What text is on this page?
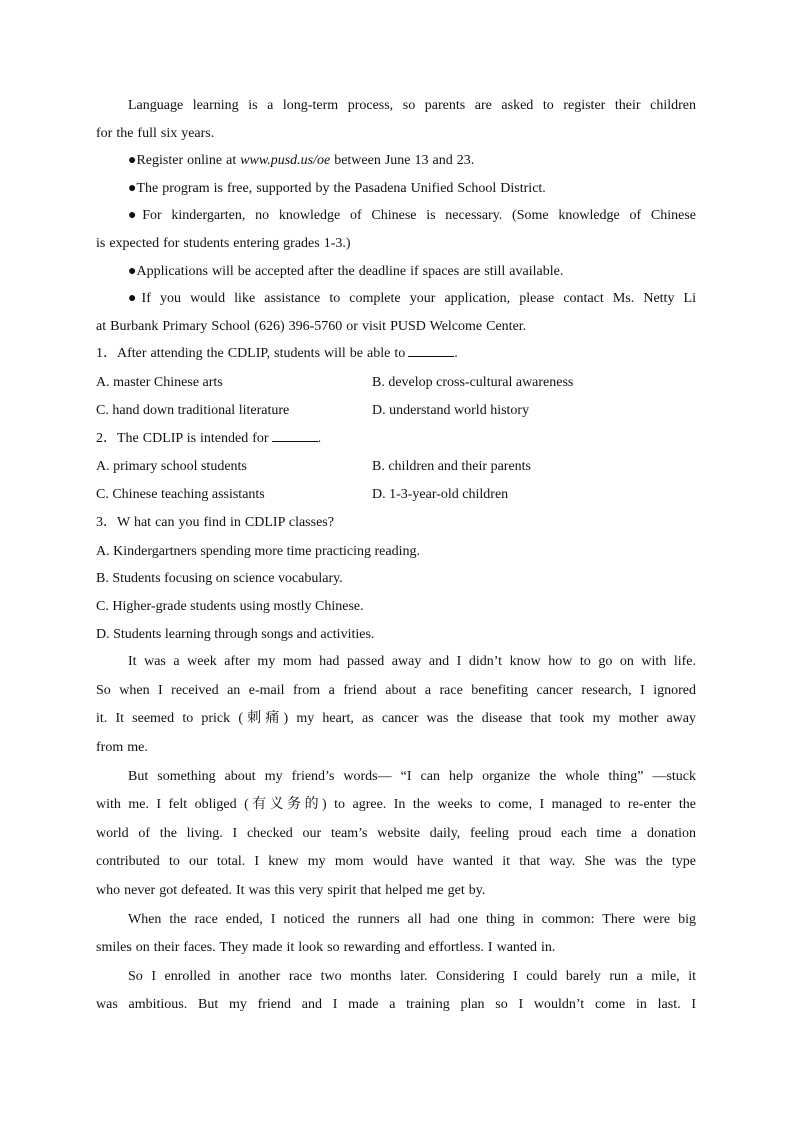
Language learning is a long-term process, so parents are asked to register their children
for the full six years.
●Register online at www.pusd.us/oe between June 13 and 23.
●The program is free, supported by the Pasadena Unified School District.
●For kindergarten, no knowledge of Chinese is necessary. (Some knowledge of Chinese
is expected for students entering grades 1-3.)
●Applications will be accepted after the deadline if spaces are still available.
●If you would like assistance to complete your application, please contact Ms. Netty Li
at Burbank Primary School (626) 396-5760 or visit PUSD Welcome Center.
1．After attending the CDLIP, students will be able to	.
A. master Chinese arts	B. develop cross-cultural awareness
C. hand down traditional literature	D. understand world history
2．The CDLIP is intended for	.
A. primary school students	B. children and their parents
C. Chinese teaching assistants	D. 1-3-year-old children
3．W hat can you find in CDLIP classes?
A. Kindergartners spending more time practicing reading.
B. Students focusing on science vocabulary.
C. Higher-grade students using mostly Chinese.
D. Students learning through songs and activities.
It was a week after my mom had passed away and I didn’t know how to go on with life.
So when I received an e-mail from a friend about a race benefiting cancer research, I ignored
it. It seemed to prick (刺痛) my heart, as cancer was the disease that took my mother away
from me.
But something about my friend’s words— “I can help organize the whole thing” —stuck
with me. I felt obliged (有义务的) to agree. In the weeks to come, I managed to re-enter the
world of the living. I checked our team’s website daily, feeling proud each time a donation
contributed to our total. I knew my mom would have wanted it that way. She was the type
who never got defeated. It was this very spirit that helped me get by.
When the race ended, I noticed the runners all had one thing in common: There were big
smiles on their faces. They made it look so rewarding and effortless. I wanted in.
So I enrolled in another race two months later. Considering I could barely run a mile, it
was ambitious. But my friend and I made a training plan so I wouldn’t come in last. I
